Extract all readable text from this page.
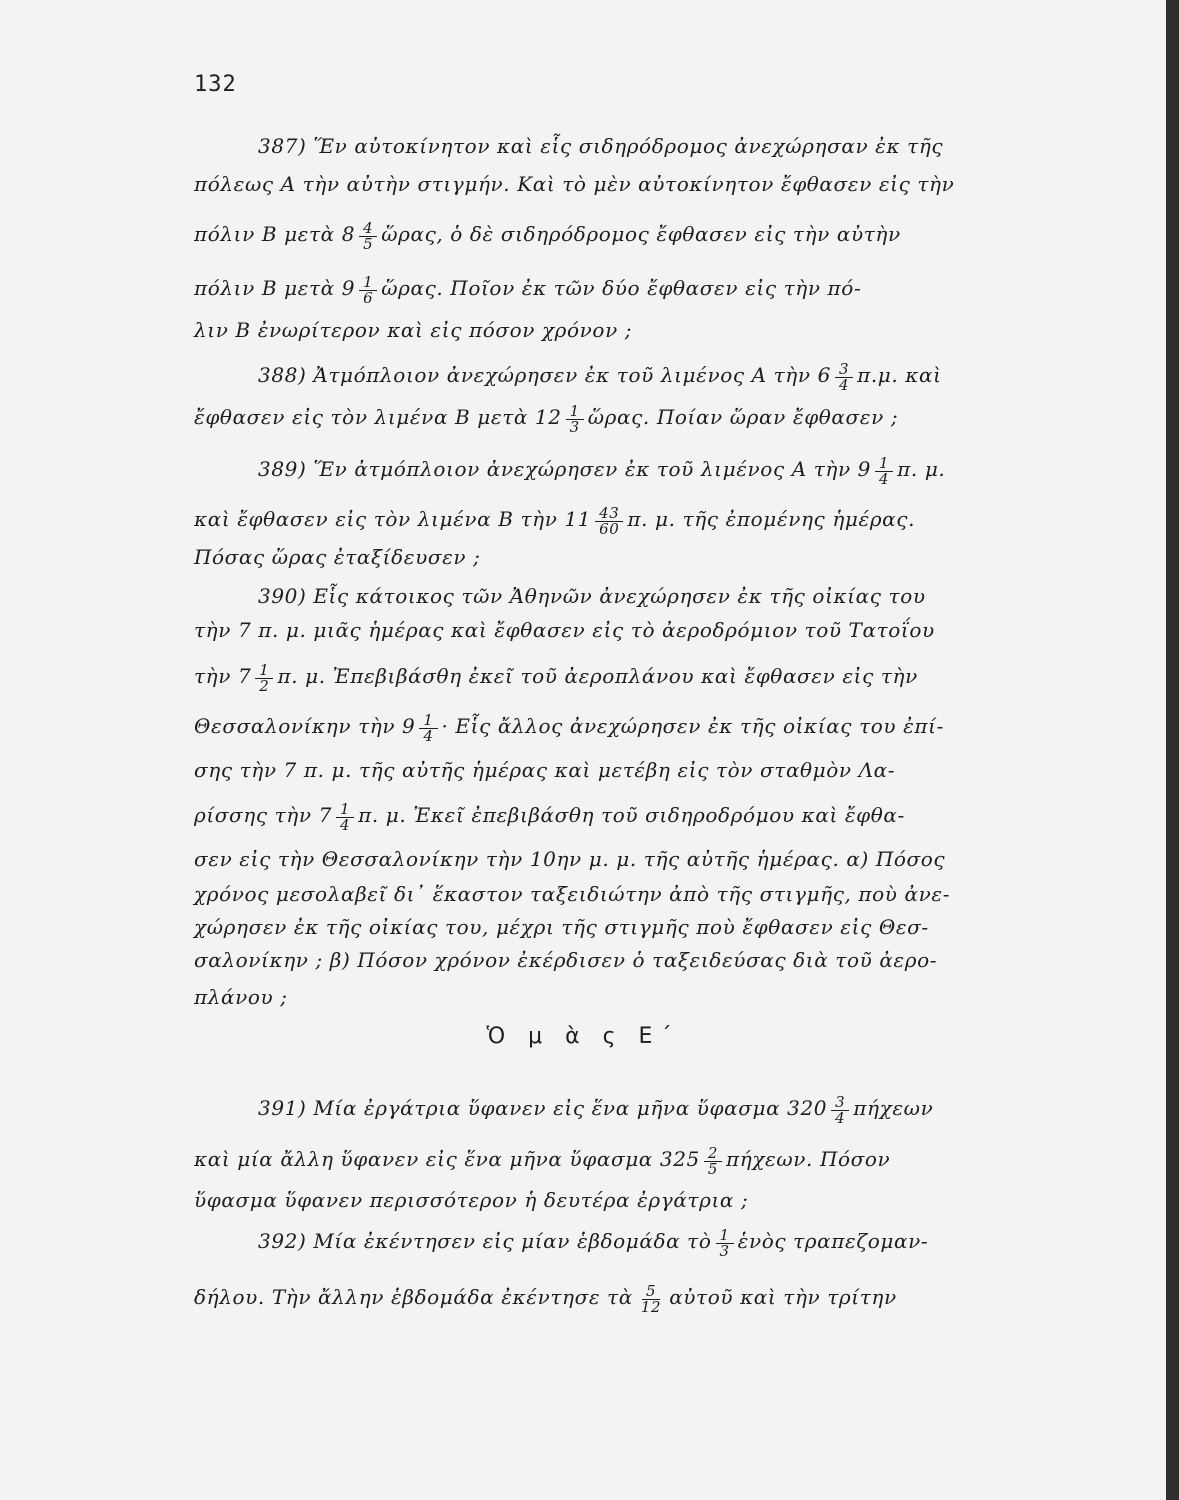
132
387) Ἕν αὐτοκίνητον καὶ εἷς σιδηρόδρομος ἀνεχώρησαν ἐκ τῆς
πόλεως Α τὴν αὐτὴν στιγμήν. Καὶ τὸ μὲν αὐτοκίνητον ἔφθασεν εἰς τὴν
πόλιν Β μετὰ $8 \frac{4}{5}$ ὥρας, ὁ δὲ σιδηρόδρομος ἔφθασεν εἰς τὴν αὐτὴν
πόλιν Β μετὰ $9 \frac{1}{6}$ ὥρας. Ποῖον ἐκ τῶν δύο ἔφθασεν εἰς τὴν πό-
λιν Β ἐνωρίτερον καὶ εἰς πόσον χρόνον ;
388) Ἀτμόπλοιον ἀνεχώρησεν ἐκ τοῦ λιμένος Α τὴν $6 \frac{3}{4} \pi.\mu$. καὶ
ἔφθασεν εἰς τὸν λιμένα Β μετὰ $12 \frac{1}{3}$ ὥρας. Ποίαν ὥραν ἔφθασεν ;
389) Ἕν ἀτμόπλοιον ἀνεχώρησεν ἐκ τοῦ λιμένος Α τὴν $9 \frac{1}{4} \pi$. μ.
καὶ ἔφθασεν εἰς τὸν λιμένα Β τὴν $11 \frac{43}{60} \pi$. μ. τῆς ἐπομένης ἡμέρας.
Πόσας ὥρας ἐταξίδευσεν ;
390) Εἷς κάτοικος τῶν Ἀθηνῶν ἀνεχώρησεν ἐκ τῆς οἰκίας του
τὴν 7 π. μ. μιᾶς ἡμέρας καὶ ἔφθασεν εἰς τὸ ἀεροδρόμιον τοῦ Τατοΐου
τὴν $7 \frac{1}{2} \pi$. μ. Ἐπεβιβάσθη ἐκεῖ τοῦ ἀεροπλάνου καὶ ἔφθασεν εἰς τὴν
Θεσσαλονίκην τὴν $9 \frac{1}{4}$ · Εἷς ἄλλος ἀνεχώρησεν ἐκ τῆς οἰκίας του ἐπί-
σης τὴν 7 π. μ. τῆς αὐτῆς ἡμέρας καὶ μετέβη εἰς τὸν σταθμὸν Λα-
ρίσσης τὴν $7 \frac{1}{4} \pi$. μ. Ἐκεῖ ἐπεβιβάσθη τοῦ σιδηροδρόμου καὶ ἔφθα-
σεν εἰς τὴν Θεσσαλονίκην τὴν 10ην μ. μ. τῆς αὐτῆς ἡμέρας. α) Πόσος
χρόνος μεσολαβεῖ δι᾽ ἕκαστον ταξειδιώτην ἀπὸ τῆς στιγμῆς, ποὺ ἀνε-
χώρησεν ἐκ τῆς οἰκίας του, μέχρι τῆς στιγμῆς ποὺ ἔφθασεν εἰς Θεσ-
σαλονίκην ; β) Πόσον χρόνον ἐκέρδισεν ὁ ταξειδεύσας διὰ τοῦ ἀερο-
πλάνου ;
Ὁ μ ὰ ς Ε´
391) Μία ἐργάτρια ὕφανεν εἰς ἕνα μῆνα ὕφασμα $320 \frac{3}{4}$ πήχεων
καὶ μία ἄλλη ὕφανεν εἰς ἕνα μῆνα ὕφασμα $325 \frac{2}{5} \pi ή\chi\varepsilon\omega\nu$. Πόσον
ὕφασμα ὕφανεν περισσότερον ἡ δευτέρα ἐργάτρια ;
392) Μία ἐκέντησεν εἰς μίαν ἑβδομάδα τὸ $\frac{1}{3}$ ἑνὸς τραπεζομαν-
δήλου. Τὴν ἄλλην ἑβδομάδα ἐκέντησε τὰ $\frac{5}{12}$ αὐτοῦ καὶ τὴν τρίτην
